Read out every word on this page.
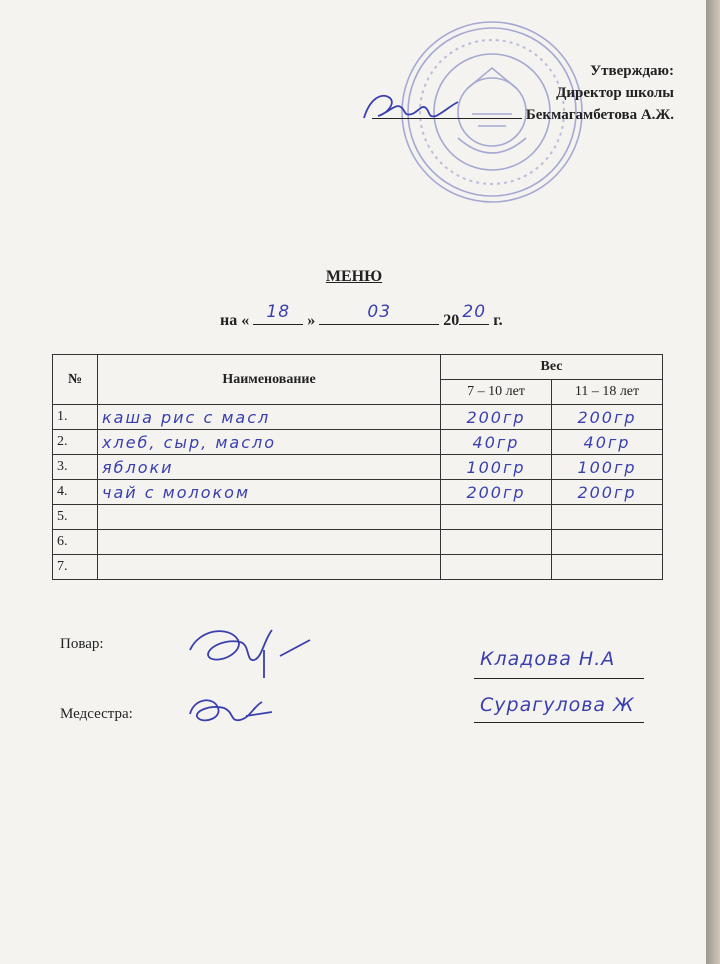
Утверждаю:
Директор школы
Бекмагамбетова А.Ж.
МЕНЮ
на «	18	»	03	20 20 г.
№	Наименование	Вес	
		7 – 10 лет	11 – 18 лет
1.	каша рис с масл	200гр	200гр
2.	хлеб, сыр, масло	40гр	40гр
3.	яблоки	100гр	100гр
4.	чай с молоком	200гр	200гр
5.			
6.			
7.			
Повар:
Медсестра:
Кладова Н.А
Сурагулова Ж
